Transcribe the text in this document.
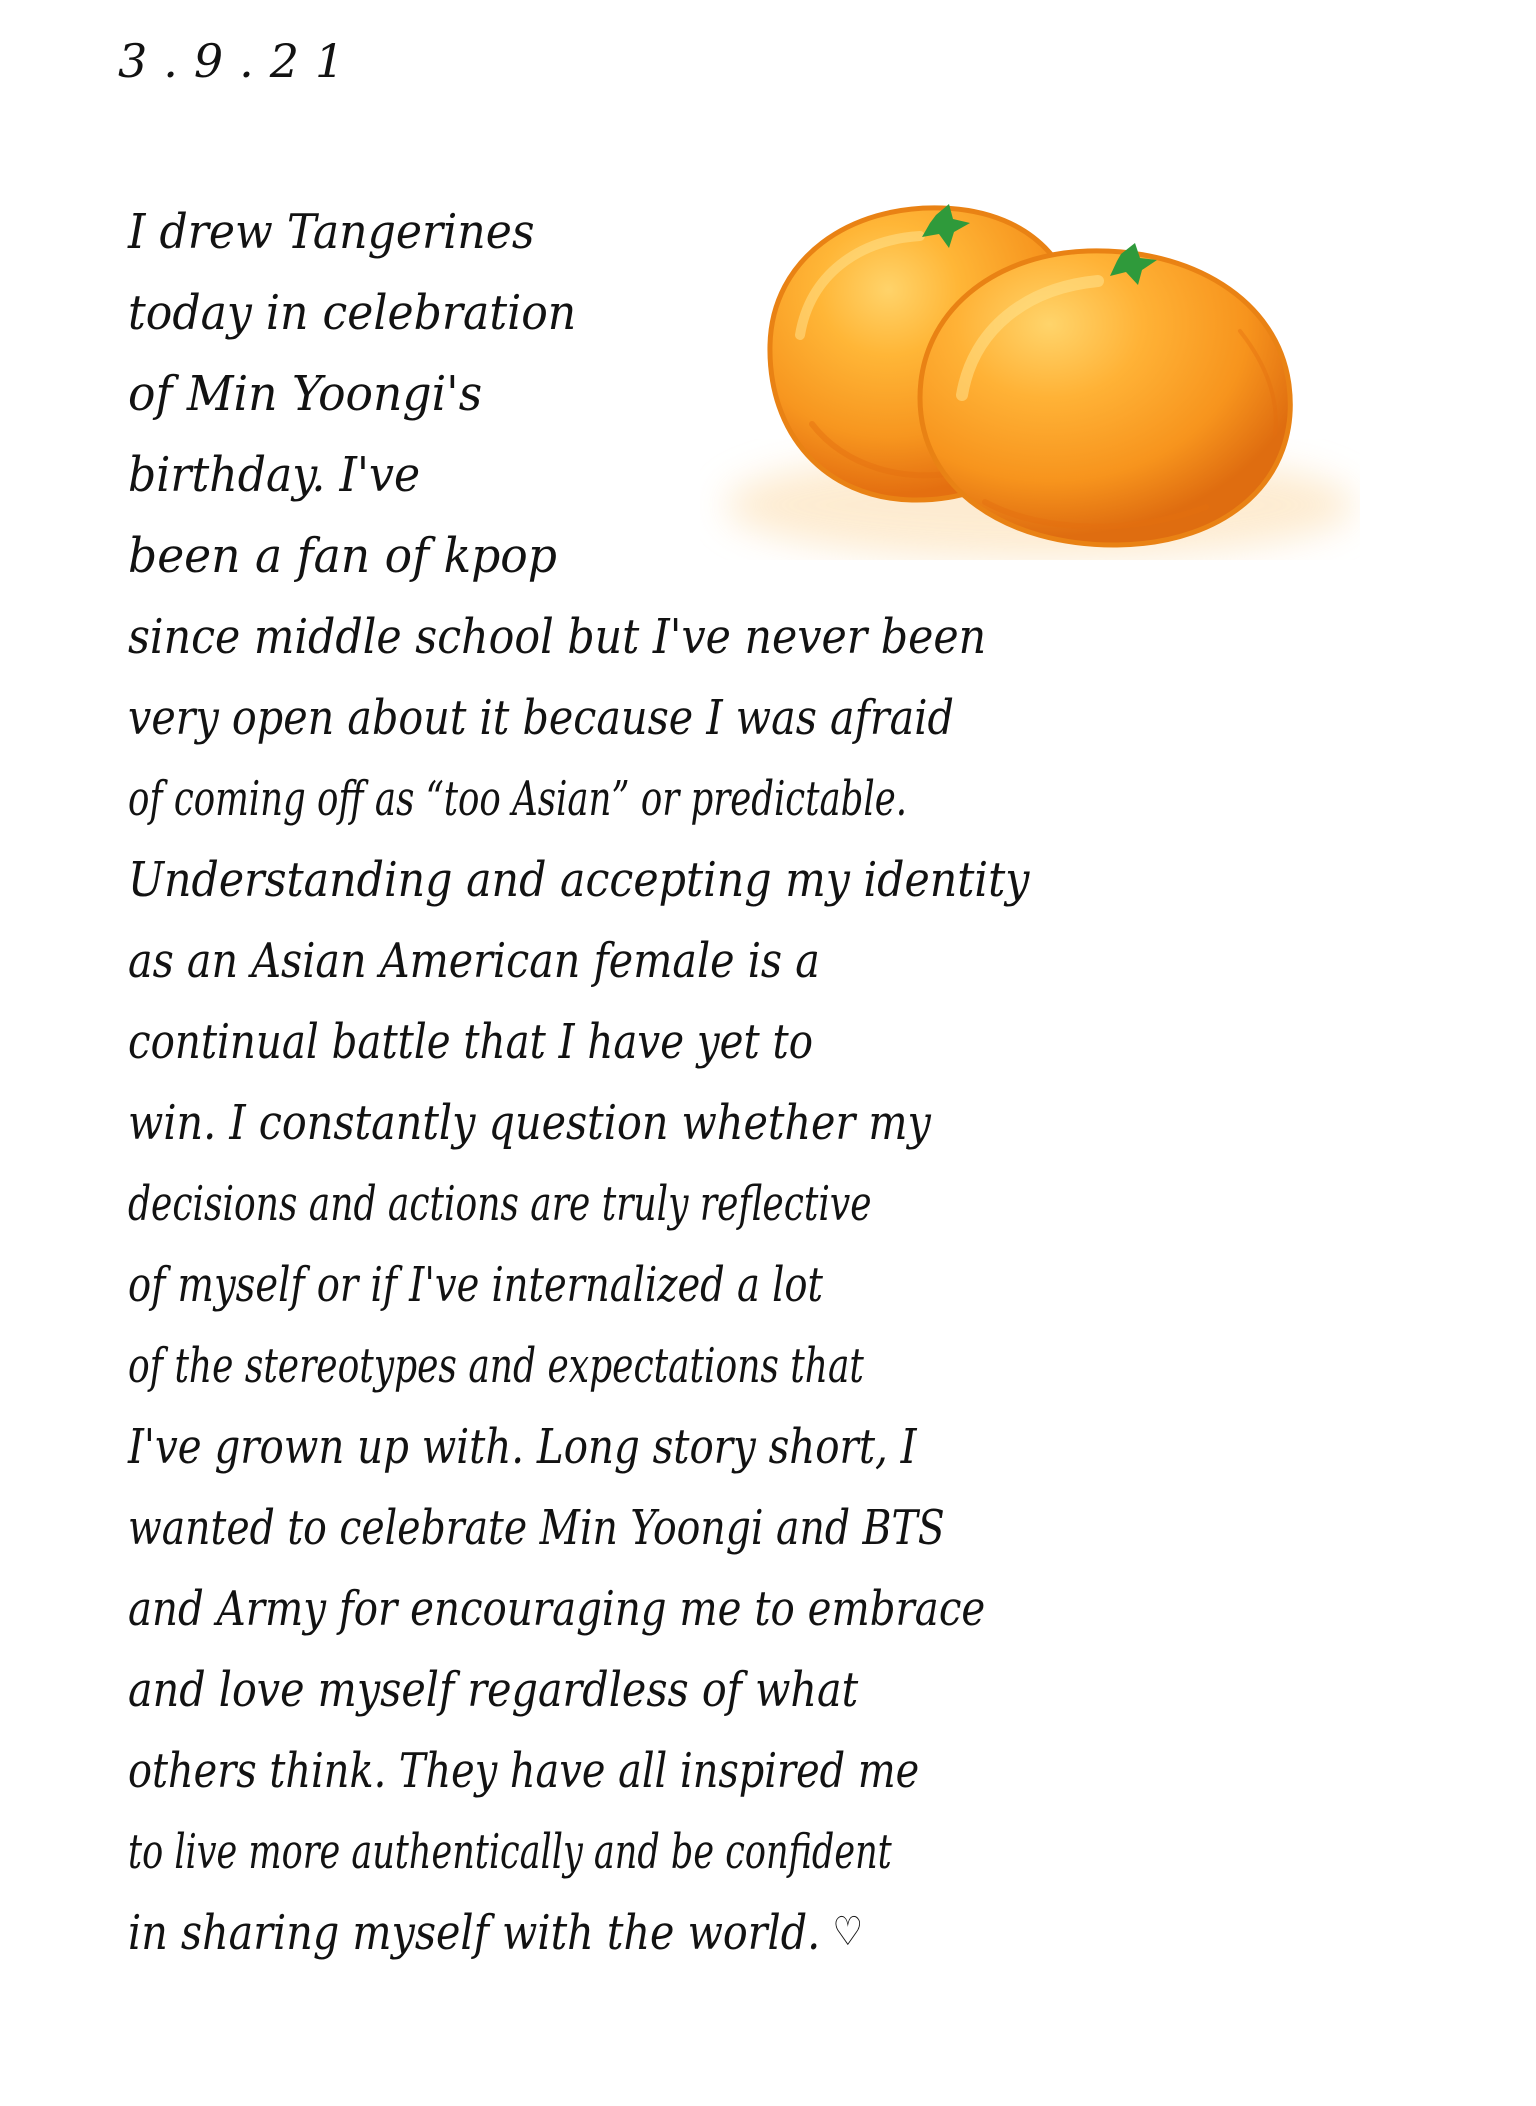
3.9.21
I drew Tangerines
today in celebration
of Min Yoongi's
birthday. I've
been a fan of kpop
since middle school but I've never been
very open about it because I was afraid
of coming off as “too Asian” or predictable.
Understanding and accepting my identity
as an Asian American female is a
continual battle that I have yet to
win. I constantly question whether my
decisions and actions are truly reflective
of myself or if I've internalized a lot
of the stereotypes and expectations that
I've grown up with. Long story short, I
wanted to celebrate Min Yoongi and BTS
and Army for encouraging me to embrace
and love myself regardless of what
others think. They have all inspired me
to live more authentically and be confident
in sharing myself with the world. ♡
